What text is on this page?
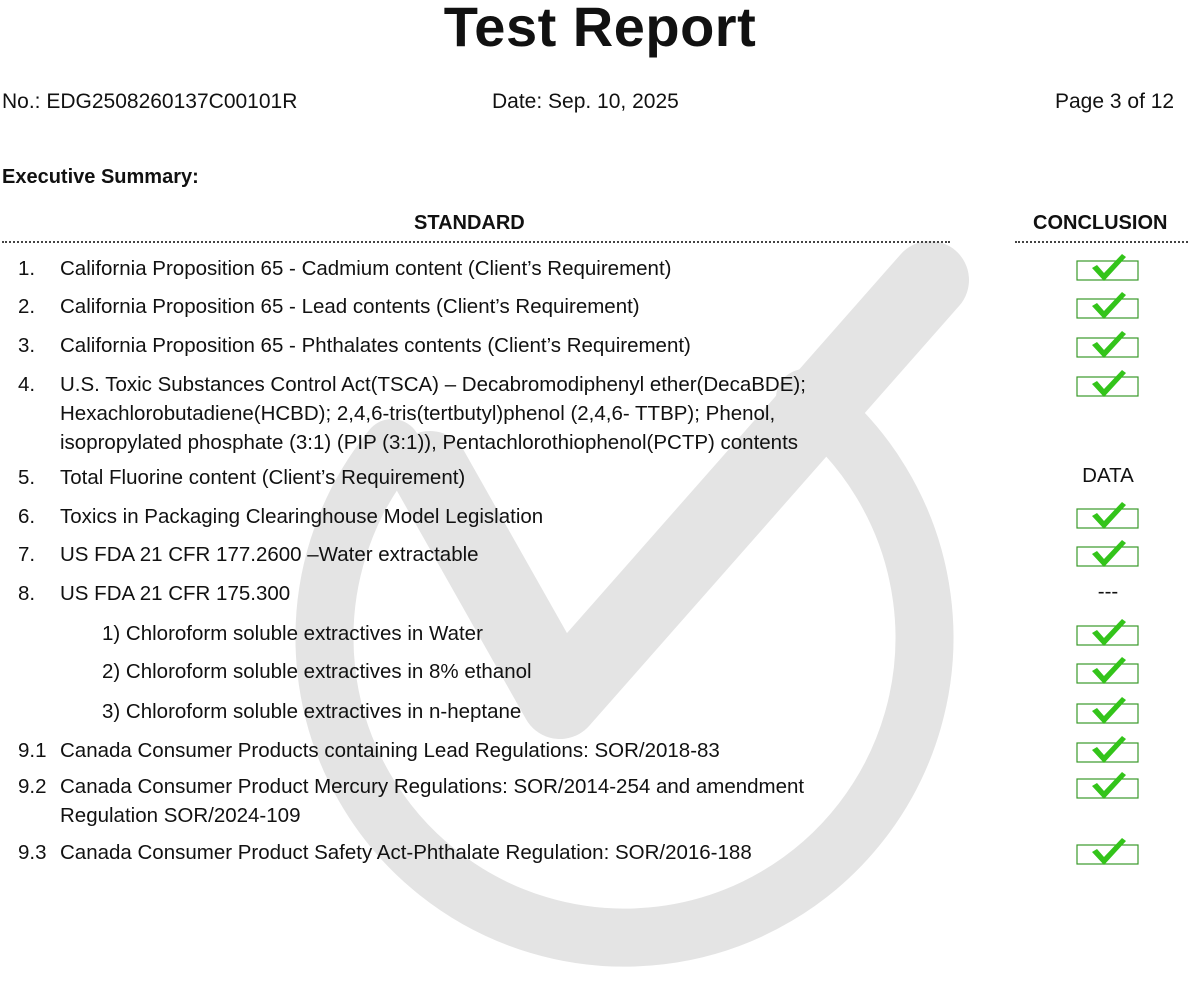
Test Report
No.: EDG2508260137C00101R	Date: Sep. 10, 2025	Page 3 of 12
Executive Summary:
STANDARD	CONCLUSION
1. California Proposition 65 - Cadmium content (Client’s Requirement)
2. California Proposition 65 - Lead contents (Client’s Requirement)
3. California Proposition 65 - Phthalates contents (Client’s Requirement)
4. U.S. Toxic Substances Control Act(TSCA) – Decabromodiphenyl ether(DecaBDE);
Hexachlorobutadiene(HCBD); 2,4,6-tris(tertbutyl)phenol (2,4,6- TTBP); Phenol,
isopropylated phosphate (3:1) (PIP (3:1)), Pentachlorothiophenol(PCTP) contents
5. Total Fluorine content (Client’s Requirement)	DATA
6. Toxics in Packaging Clearinghouse Model Legislation
7. US FDA 21 CFR 177.2600 –Water extractable
8. US FDA 21 CFR 175.300	---
1) Chloroform soluble extractives in Water
2) Chloroform soluble extractives in 8% ethanol
3) Chloroform soluble extractives in n-heptane
9.1 Canada Consumer Products containing Lead Regulations: SOR/2018-83
9.2 Canada Consumer Product Mercury Regulations: SOR/2014-254 and amendment
Regulation SOR/2024-109
9.3 Canada Consumer Product Safety Act-Phthalate Regulation: SOR/2016-188
